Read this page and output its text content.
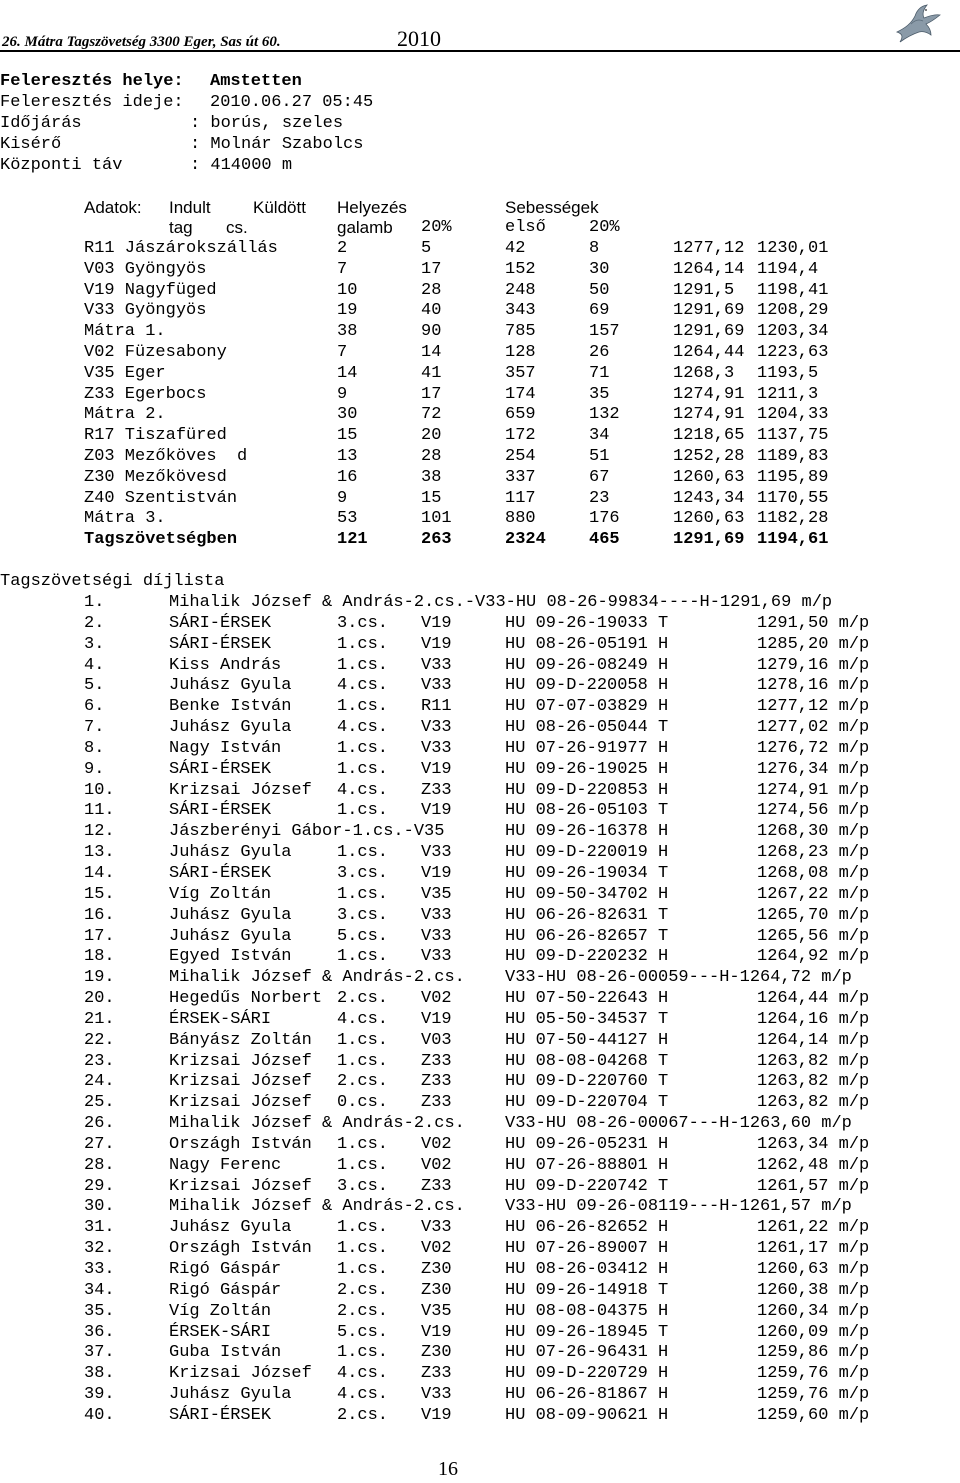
26. Mátra Tagszövetség 3300 Eger, Sas út 60.	2010
Feleresztés helye: Amstetten
Feleresztés ideje: 2010.06.27 05:45
Időjárás	: borús, szeles
Kisérő	: Molnár Szabolcs
Központi táv	: 414000 m
Adatok: Indult Küldött Helyezés	Sebességek
tag cs.	galamb 20%	első	20%
R11 Jászárokszállás	2	5	42	8	1277,12 1230,01
V03 Gyöngyös	7	17	152	30	1264,14 1194,4
V19 Nagyfüged	10	28	248	50	1291,5 1198,41
V33 Gyöngyös	19	40	343	69	1291,69 1208,29
Mátra 1.	38	90	785	157	1291,69 1203,34
V02 Füzesabony	7	14	128	26	1264,44 1223,63
V35 Eger	14	41	357	71	1268,3 1193,5
Z33 Egerbocs	9	17	174	35	1274,91 1211,3
Mátra 2.	30	72	659	132	1274,91 1204,33
R17 Tiszafüred	15	20	172	34	1218,65 1137,75
Z03 Mezőköves  d	13	28	254	51	1252,28 1189,83
Z30 Mezőkövesd	16	38	337	67	1260,63 1195,89
Z40 Szentistván	9	15	117	23	1243,34 1170,55
Mátra 3.	53	101	880	176	1260,63 1182,28
Tagszövetségben	121	263	2324	465	1291,69 1194,61
Tagszövetségi díjlista
1.	Mihalik József & András-2.cs.-V33-HU 08-26-99834----H-1291,69 m/p
2.	SÁRI-ÉRSEK	3.cs. V19	HU 09-26-19033 T	1291,50 m/p
3.	SÁRI-ÉRSEK	1.cs. V19	HU 08-26-05191 H	1285,20 m/p
4.	Kiss András	1.cs. V33	HU 09-26-08249 H	1279,16 m/p
5.	Juhász Gyula	4.cs. V33	HU 09-D-220058 H	1278,16 m/p
6.	Benke István	1.cs. R11	HU 07-07-03829 H	1277,12 m/p
7.	Juhász Gyula	4.cs. V33	HU 08-26-05044 T	1277,02 m/p
8.	Nagy István	1.cs. V33	HU 07-26-91977 H	1276,72 m/p
9.	SÁRI-ÉRSEK	1.cs. V19	HU 09-26-19025 H	1276,34 m/p
10.	Krizsai József 4.cs. Z33	HU 09-D-220853 H	1274,91 m/p
11.	SÁRI-ÉRSEK	1.cs. V19	HU 08-26-05103 T	1274,56 m/p
12.	Jászberényi Gábor-1.cs.-V35	HU 09-26-16378 H	1268,30 m/p
13.	Juhász Gyula	1.cs. V33	HU 09-D-220019 H	1268,23 m/p
14.	SÁRI-ÉRSEK	3.cs. V19	HU 09-26-19034 T	1268,08 m/p
15.	Víg Zoltán	1.cs. V35	HU 09-50-34702 H	1267,22 m/p
16.	Juhász Gyula	3.cs. V33	HU 06-26-82631 T	1265,70 m/p
17.	Juhász Gyula	5.cs. V33	HU 06-26-82657 T	1265,56 m/p
18.	Egyed István	1.cs. V33	HU 09-D-220232 H	1264,92 m/p
19.	Mihalik József & András-2.cs. V33-HU 08-26-00059---H-1264,72 m/p
20.	Hegedűs Norbert 2.cs. V02	HU 07-50-22643 H	1264,44 m/p
21.	ÉRSEK-SÁRI	4.cs. V19	HU 05-50-34537 T	1264,16 m/p
22.	Bányász Zoltán 1.cs. V03	HU 07-50-44127 H	1264,14 m/p
23.	Krizsai József 1.cs. Z33	HU 08-08-04268 T	1263,82 m/p
24.	Krizsai József 2.cs. Z33	HU 09-D-220760 T	1263,82 m/p
25.	Krizsai József 0.cs. Z33	HU 09-D-220704 T	1263,82 m/p
26.	Mihalik József & András-2.cs. V33-HU 08-26-00067---H-1263,60 m/p
27.	Országh István 1.cs. V02	HU 09-26-05231 H	1263,34 m/p
28.	Nagy Ferenc	1.cs. V02	HU 07-26-88801 H	1262,48 m/p
29.	Krizsai József 3.cs. Z33	HU 09-D-220742 T	1261,57 m/p
30.	Mihalik József & András-2.cs. V33-HU 09-26-08119---H-1261,57 m/p
31.	Juhász Gyula	1.cs. V33	HU 06-26-82652 H	1261,22 m/p
32.	Országh István 1.cs. V02	HU 07-26-89007 H	1261,17 m/p
33.	Rigó Gáspár	1.cs. Z30	HU 08-26-03412 H	1260,63 m/p
34.	Rigó Gáspár	2.cs. Z30	HU 09-26-14918 T	1260,38 m/p
35.	Víg Zoltán	2.cs. V35	HU 08-08-04375 H	1260,34 m/p
36.	ÉRSEK-SÁRI	5.cs. V19	HU 09-26-18945 T	1260,09 m/p
37.	Guba István	1.cs. Z30	HU 07-26-96431 H	1259,86 m/p
38.	Krizsai József 4.cs. Z33	HU 09-D-220729 H	1259,76 m/p
39.	Juhász Gyula	4.cs. V33	HU 06-26-81867 H	1259,76 m/p
40.	SÁRI-ÉRSEK	2.cs. V19	HU 08-09-90621 H	1259,60 m/p
16
